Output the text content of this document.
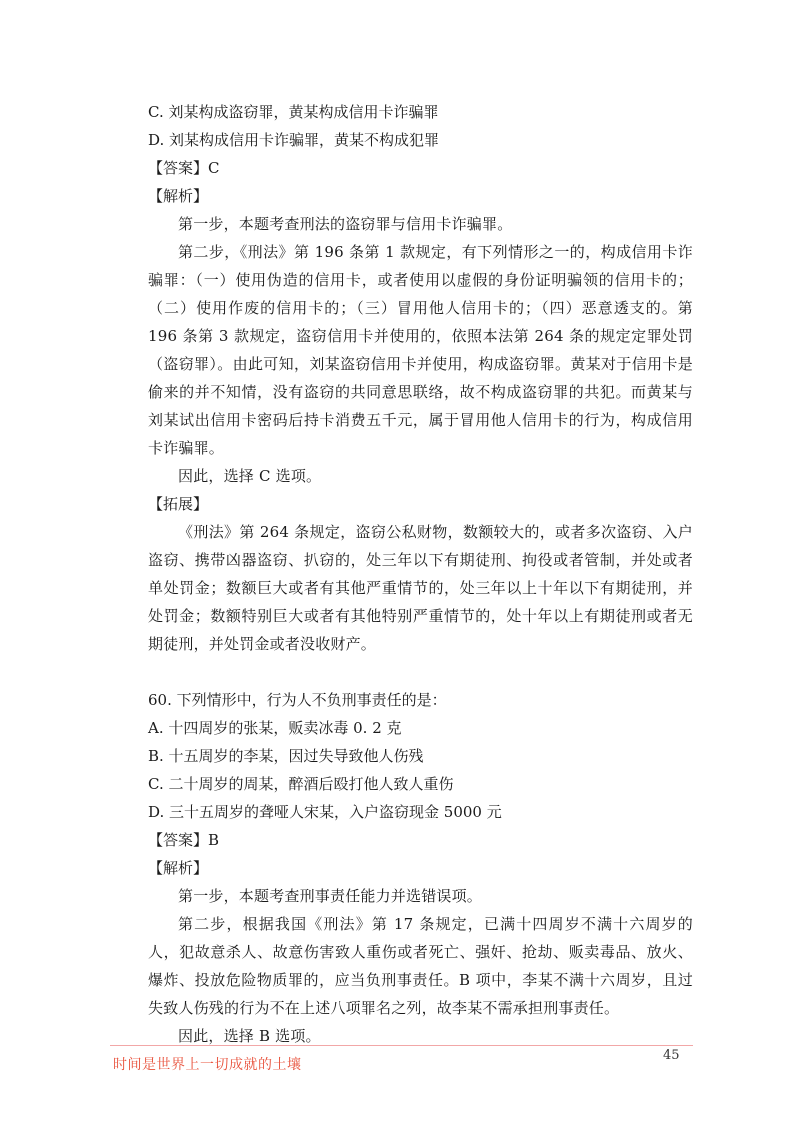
C. 刘某构成盗窃罪，黄某构成信用卡诈骗罪
D. 刘某构成信用卡诈骗罪，黄某不构成犯罪
【答案】C
【解析】

第一步，本题考查刑法的盗窃罪与信用卡诈骗罪。

第二步，《刑法》第 196 条第 1 款规定，有下列情形之一的，构成信用卡诈骗罪：（一）使用伪造的信用卡，或者使用以虚假的身份证明骗领的信用卡的；（二）使用作废的信用卡的；（三）冒用他人信用卡的；（四）恶意透支的。第 196 条第 3 款规定，盗窃信用卡并使用的，依照本法第 264 条的规定定罪处罚（盗窃罪）。由此可知，刘某盗窃信用卡并使用，构成盗窃罪。黄某对于信用卡是偷来的并不知情，没有盗窃的共同意思联络，故不构成盗窃罪的共犯。而黄某与刘某试出信用卡密码后持卡消费五千元，属于冒用他人信用卡的行为，构成信用卡诈骗罪。

因此，选择 C 选项。

【拓展】

《刑法》第 264 条规定，盗窃公私财物，数额较大的，或者多次盗窃、入户盗窃、携带凶器盗窃、扒窃的，处三年以下有期徒刑、拘役或者管制，并处或者单处罚金；数额巨大或者有其他严重情节的，处三年以上十年以下有期徒刑，并处罚金；数额特别巨大或者有其他特别严重情节的，处十年以上有期徒刑或者无期徒刑，并处罚金或者没收财产。

60. 下列情形中，行为人不负刑事责任的是：
A. 十四周岁的张某，贩卖冰毒 0. 2 克
B. 十五周岁的李某，因过失导致他人伤残
C. 二十周岁的周某，醉酒后殴打他人致人重伤
D. 三十五周岁的聋哑人宋某，入户盗窃现金 5000 元
【答案】B
【解析】

第一步，本题考查刑事责任能力并选错误项。

第二步，根据我国《刑法》第 17 条规定，已满十四周岁不满十六周岁的人，犯故意杀人、故意伤害致人重伤或者死亡、强奸、抢劫、贩卖毒品、放火、爆炸、投放危险物质罪的，应当负刑事责任。B 项中，李某不满十六周岁，且过失致人伤残的行为不在上述八项罪名之列，故李某不需承担刑事责任。

因此，选择 B 选项。

时间是世界上一切成就的土壤
45
